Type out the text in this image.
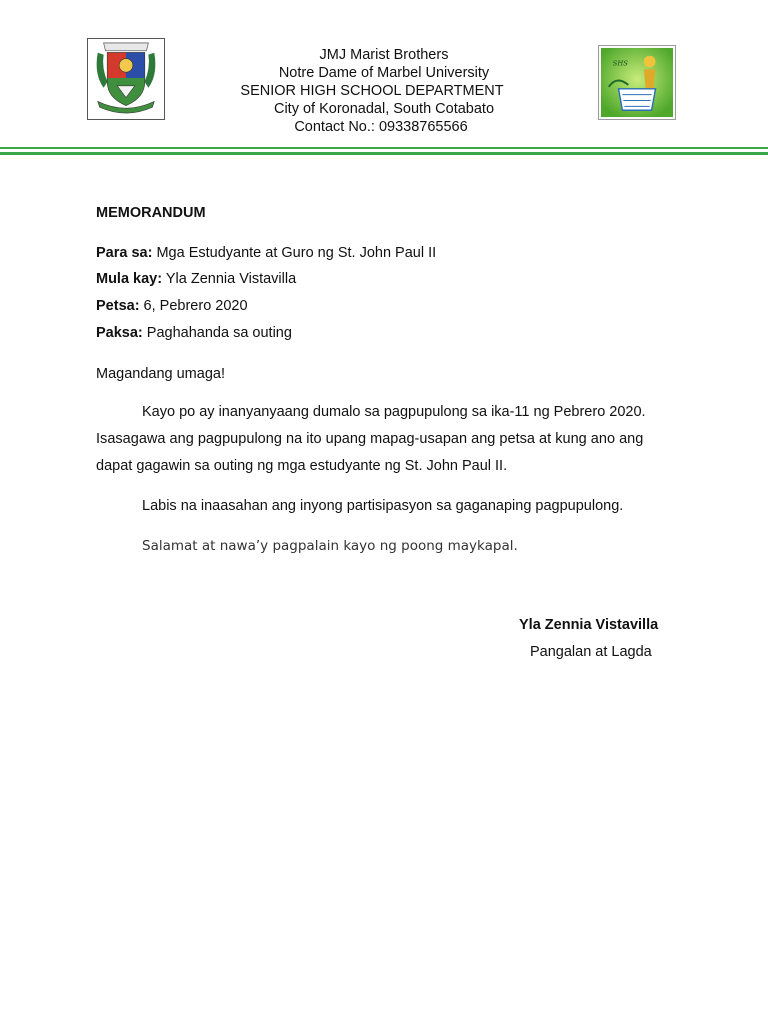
JMJ Marist Brothers
Notre Dame of Marbel University
SENIOR HIGH SCHOOL DEPARTMENT
City of Koronadal, South Cotabato
Contact No.: 09338765566
SHS
MEMORANDUM
Para sa: Mga Estudyante at Guro ng St. John Paul II
Mula kay: Yla Zennia Vistavilla
Petsa: 6, Pebrero 2020
Paksa: Paghahanda sa outing
Magandang umaga!
Kayo po ay inanyanyaang dumalo sa pagpupulong sa ika-11 ng Pebrero 2020.
Isasagawa ang pagpupulong na ito upang mapag-usapan ang petsa at kung ano ang
dapat gagawin sa outing ng mga estudyante ng St. John Paul II.
Labis na inaasahan ang inyong partisipasyon sa gaganaping pagpupulong.
Salamat at nawa’y pagpalain kayo ng poong maykapal.
Yla Zennia Vistavilla
Pangalan at Lagda
